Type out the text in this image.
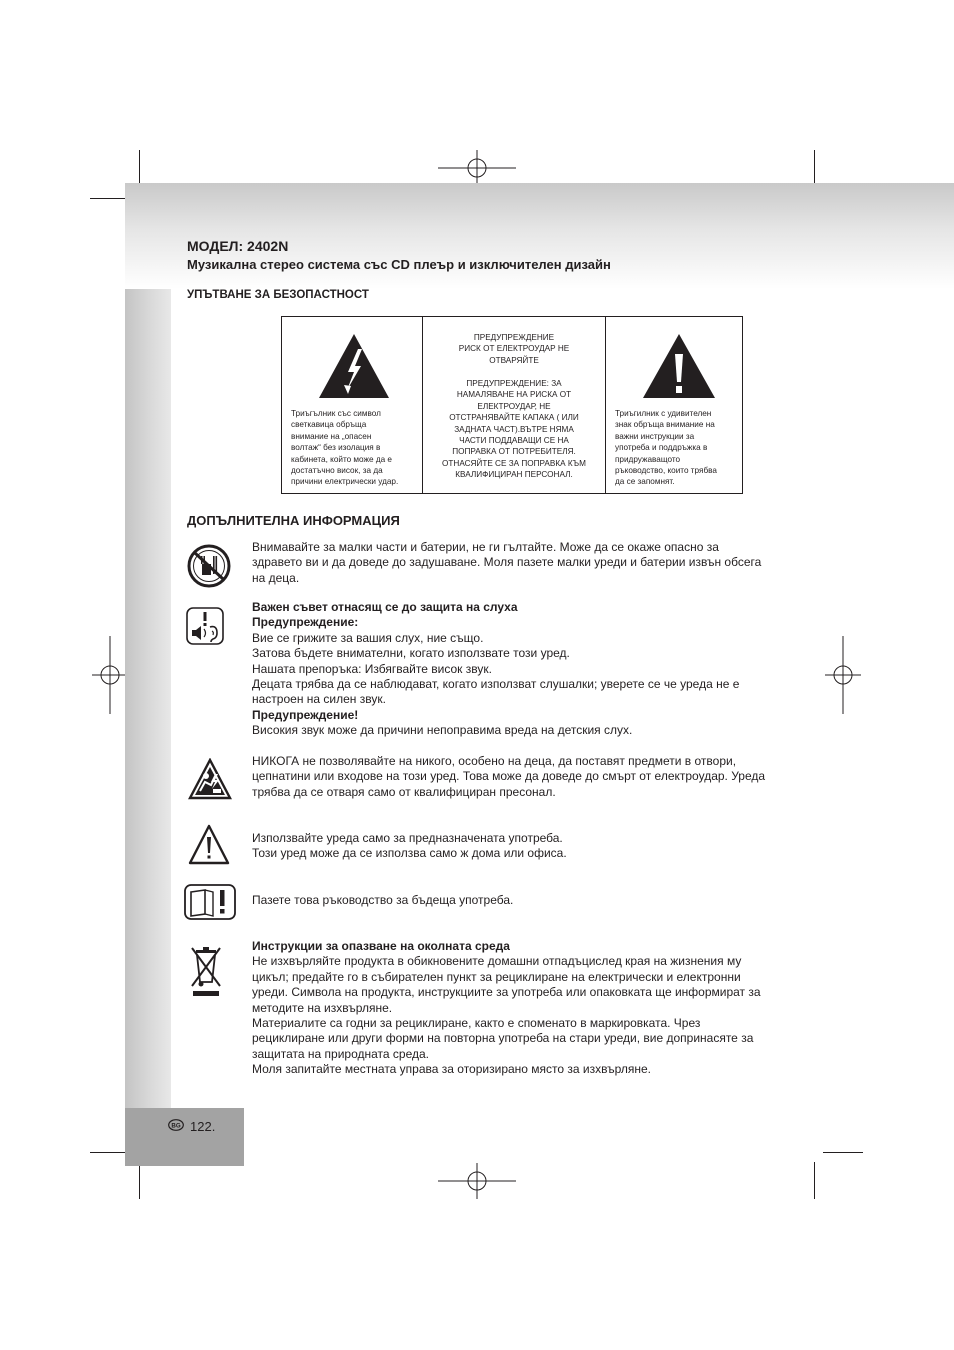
BG 122.
МОДЕЛ: 2402N
Музикална стерео система със CD плеър и изключителен дизайн
УПЪТВАНЕ ЗА БЕЗОПАСТНОСТ
Триъгълник със символ
светкавица обръща
внимание на „опасен
волтаж“ без изолация в
кабинета, който може да е
достатъчно висок, за да
причини електрически удар.
ПРЕДУПРЕЖДЕНИЕ
РИСК ОТ ЕЛЕКТРОУДАР НЕ
ОТВАРЯЙТЕ
ПРЕДУПРЕЖДЕНИЕ: ЗА
НАМАЛЯВАНЕ НА РИСКА ОТ
ЕЛЕКТРОУДАР, НЕ
ОТСТРАНЯВАЙТЕ КАПАКА ( ИЛИ
ЗАДНАТА ЧАСТ).ВЪТРЕ НЯМА
ЧАСТИ ПОДДАВАЩИ СЕ НА
ПОПРАВКА ОТ ПОТРЕБИТЕЛЯ.
ОТНАСЯЙТЕ СЕ ЗА ПОПРАВКА КЪМ
КВАЛИФИЦИРАН ПЕРСОНАЛ.
Триъгилник с удивителен
знак обръща внимание на
важни инструкции за
употреба и поддръжка в
придружаващото
ръководство, които трябва
да се запомнят.
ДОПЪЛНИТЕЛНА ИНФОРМАЦИЯ
Внимавайте за малки части и батерии, не ги гълтайте. Може да се окаже опасно за
здравето ви и да доведе до задушаване. Моля пазете малки уреди и батерии извън обсега
на деца.
Важен съвет отнасящ се до защита на слуха
Предупреждение:
Вие се грижите за вашия слух, ние също.
Затова бъдете внимателни, когато използвате този уред.
Нашата препоръка: Избягвайте висок звук.
Децата трябва да се наблюдават, когато използват слушалки; уверете се че уреда не е
настроен на силен звук.
Предупреждение!
Високия звук може да причини непоправима вреда на детския слух.
НИКОГА не позволявайте на никого, особено на деца, да поставят предмети в отвори,
цепнатини или входове на този уред. Това може да доведе до смърт от електроудар. Уреда
трябва да се отваря само от квалифициран пресонал.
Използвайте уреда само за предназначената употреба.
Този уред може да се използва само ж дома или офиса.
Пазете това ръководство за бъдеща употреба.
Инструкции за опазване на околната среда
Не изхвърляйте продукта в обикновените домашни отпадъцислед края на жизнения му
цикъл; предайте го в събирателен пункт за рециклиране на електрически и електронни
уреди. Символа на продукта, инструкциите за употреба или опаковката ще информират за
методите на изхвърляне.
Материалите са годни за рециклиране, както е споменато в маркировката. Чрез
рециклиране или други форми на повторна употреба на стари уреди, вие допринасяте за
защитата на природната среда.
Моля запитайте местната управа за оторизирано място за изхвърляне.
